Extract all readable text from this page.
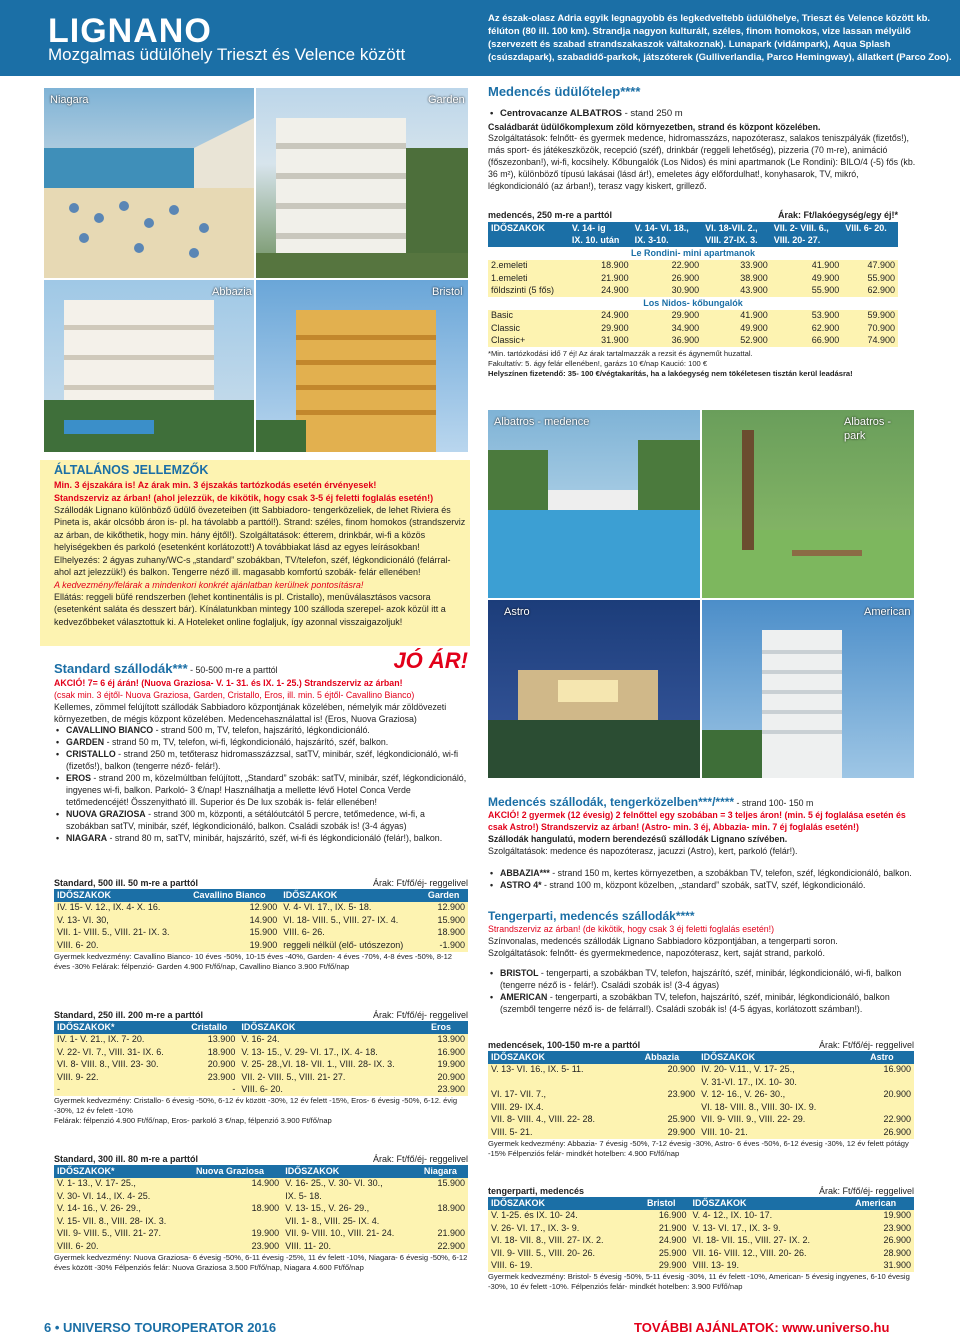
LIGNANO
Mozgalmas üdülőhely Trieszt és Velence között
Az észak-olasz Adria egyik legnagyobb és legkedveltebb üdülőhelye, Trieszt és Velence között kb. félúton (80 ill. 100 km). Strandja nagyon kulturált, széles, finom homokos, vize lassan mélyülő (szervezett és szabad strandszakaszok váltakoznak). Lunapark (vidámpark), Aqua Splash (csúszdapark), szabadidő-parkok, játszóterek (Gulliverlandia, Parco Hemingway), állatkert (Parco Zoo).
Niagara	Garden
Abbazia	Bristol
Medencés üdülőtelep****
• Centrovacanze ALBATROS - stand 250 m
Családbarát üdülőkomplexum zöld környezetben, strand és központ közelében.
Szolgáltatások: felnőtt- és gyermek medence, hidromasszázs, napozóterasz, salakos teniszpályák (fizetős!), más sport- és játékeszközök, recepció (széf), drinkbár (reggeli lehetőség), pizzeria (70 m-re), animáció (főszezonban!), wi-fi, kocsihely. Kőbungalók (Los Nidos) és mini apartmanok (Le Rondini): BILO/4 (-5) fős (kb. 36 m²), különböző típusú lakásai (lásd ár!), emeletes ágy előfordulhat!, konyhasarok, TV, mikró, légkondicionáló (az árban!), terasz vagy kiskert, grillező.
medencés, 250 m-re a parttól	Árak: Ft/lakóegység/egy éj!*
IDŐSZAKOK	V. 14- ig	V. 14- VI. 18.,	VI. 18-VII. 2.,	VII. 2- VIII. 6.,	VIII. 6- 20.
	IX. 10. után	IX. 3-10.	VIII. 27-IX. 3.	VIII. 20- 27.	
Le Rondini- mini apartmanok					
2.emeleti	18.900	22.900	33.900	41.900	47.900
1.emeleti	21.900	26.900	38.900	49.900	55.900
földszinti (5 fős)	24.900	30.900	43.900	55.900	62.900
Los Nidos- kőbungalók					
Basic	24.900	29.900	41.900	53.900	59.900
Classic	29.900	34.900	49.900	62.900	70.900
Classic+	31.900	36.900	52.900	66.900	74.900
*Min. tartózkodási idő 7 éj! Az árak tartalmazzák a rezsit és ágyneműt huzattal.
Fakultatív: 5. ágy felár ellenében!, garázs 10 €/nap Kaució: 100 €
Helyszínen fizetendő: 35- 100 €/végtakarítás, ha a lakóegység nem tökéletesen tisztán kerül leadásra!
Albatros - medence	Albatros - park
ÁLTALÁNOS JELLEMZŐK
Min. 3 éjszakára is! Az árak min. 3 éjszakás tartózkodás esetén érvényesek!
Standszerviz az árban! (ahol jelezzük, de kikötik, hogy csak 3-5 éj feletti foglalás esetén!)
Szállodák Lignano különböző üdülő övezeteiben (itt Sabbiadoro- tengerközeliek, de lehet Riviera és Pineta is, akár olcsóbb áron is- pl. ha távolabb a parttól!). Strand: széles, finom homokos (strandszerviz az árban, de kikőthetik, hogy min. hány éjtől!). Szolgáltatások: étterem, drinkbár, wi-fi a közös helyiségekben és parkoló (esetenként korlátozott!) A továbbiakat lásd az egyes leírásokban! Elhelyezés: 2 ágyas zuhany/WC-s „standard” szobákban, TV/telefon, széf, légkondicionáló (felárral- ahol azt jelezzük!) és balkon. Tengerre néző ill. magasabb komfortú szobák- felár ellenében!
A kedvezmény/felárak a mindenkori konkrét ajánlatban kerülnek pontosításra!
Ellátás: reggeli büfé rendszerben (lehet kontinentális is pl. Cristallo), menüválasztásos vacsora (esetenként saláta és desszert bár). Kínálatunkban mintegy 100 szálloda szerepel- azok közül itt a kedvezőbbeket választottuk ki. A Hoteleket online foglaljuk, így azonnal visszaigazoljuk!
Standard szállodák*** - 50-500 m-re a parttól	JÓ ÁR!
AKCIÓ! 7= 6 éj árán! (Nuova Graziosa- V. 1- 31. és IX. 1- 25.) Strandszerviz az árban!
(csak min. 3 éjtől- Nuova Graziosa, Garden, Cristallo, Eros, ill. min. 5 éjtől- Cavallino Bianco)
Kellemes, zömmel felújított szállodák Sabbiadoro központjának közelében, némelyik már zöldövezeti környezetben, de mégis központ közelében. Medencehasználattal is! (Eros, Nuova Graziosa)
• CAVALLINO BIANCO - strand 500 m, TV, telefon, hajszárító, légkondicionáló.
• GARDEN - strand 50 m, TV, telefon, wi-fi, légkondicionáló, hajszárító, széf, balkon.
• CRISTALLO - strand 250 m, tetőterasz hidromasszázzsal, satTV, minibár, széf, légkondicionáló, wi-fi (fizetős!), balkon (tengerre néző- felár!).
• EROS - strand 200 m, közelmúltban felújított, „Standard” szobák: satTV, minibár, széf, légkondicionáló, ingyenes wi-fi, balkon. Parkoló- 3 €/nap! Használhatja a mellette lévő Hotel Conca Verde tetőmedencéjét! Összenyitható ill. Superior és De lux szobák is- felár ellenében!
• NUOVA GRAZIOSA - strand 300 m, központi, a sétálóutcától 5 percre, tetőmedence, wi-fi, a szobákban satTV, minibár, széf, légkondicionáló, balkon. Családi szobák is! (3-4 ágyas)
• NIAGARA - strand 80 m, satTV, minibár, hajszárító, széf, wi-fi és légkondicionáló (felár!), balkon.
Standard, 500 ill. 50 m-re a parttól	Árak: Ft/fő/éj- reggelivel
IDŐSZAKOK	Cavallino Bianco	IDŐSZAKOK	Garden
IV. 15- V. 12., IX. 4- X. 16.	12.900	V. 4- VI. 17., IX. 5- 18.	12.900
V. 13- VI. 30,	14.900	VI. 18- VIII. 5., VIII. 27- IX. 4.	15.900
VII. 1- VIII. 5., VIII. 21- IX. 3.	15.900	VIII. 6- 26.	18.900
VIII. 6- 20.	19.900	reggeli nélkül (elő- utószezon)	-1.900
Gyermek kedvezmény: Cavallino Bianco- 10 éves -50%, 10-15 éves -40%, Garden- 4 éves -70%, 4-8 éves -50%, 8-12 éves -30% Felárak: félpenzió- Garden 4.900 Ft/fő/nap, Cavallino Bianco 3.900 Ft/fő/nap
Standard, 250 ill. 200 m-re a parttól	Árak: Ft/fő/éj- reggelivel
IDŐSZAKOK*	Cristallo	IDŐSZAKOK	Eros
IV. 1- V. 21., IX. 7- 20.	13.900	V. 16- 24.	13.900
V. 22- VI. 7., VIII. 31- IX. 6.	18.900	V. 13- 15., V. 29- VI. 17., IX. 4- 18.	16.900
VI. 8- VIII. 8., VIII. 23- 30.	20.900	V. 25- 28.,VI. 18- VII. 1., VIII. 28- IX. 3.	19.900
VIII. 9- 22.	23.900	VII. 2- VIII. 5., VIII. 21- 27.	20.900
-	-	VIII. 6- 20.	23.900
Gyermek kedvezmény: Cristallo- 6 évesig -50%, 6-12 év között -30%, 12 év felett -15%, Eros- 6 évesig -50%, 6-12. évig -30%, 12 év felett -10%
Felárak: félpenzió 4.900 Ft/fő/nap, Eros- parkoló 3 €/nap, félpenzió 3.900 Ft/fő/nap
Standard, 300 ill. 80 m-re a parttól	Árak: Ft/fő/éj- reggelivel
IDŐSZAKOK*	Nuova Graziosa	IDŐSZAKOK	Niagara
V. 1- 13., V. 17- 25.,	14.900	V. 16- 25., V. 30- VI. 30.,	15.900
V. 30- VI. 14., IX. 4- 25.		IX. 5- 18.	
V. 14- 16., V. 26- 29.,	18.900	V. 13- 15., V. 26- 29.,	18.900
V. 15- VII. 8., VIII. 28- IX. 3.		VII. 1- 8., VIII. 25- IX. 4.	
VII. 9- VIII. 5., VIII. 21- 27.	19.900	VII. 9- VIII. 10., VIII. 21- 24.	21.900
VIII. 6- 20.	23.900	VIII. 11- 20.	22.900
Gyermek kedvezmény: Nuova Graziosa- 6 évesig -50%, 6-11 évesig -25%, 11 év felett -10%, Niagara- 6 évesig -50%, 6-12 éves között -30% Félpenziós felár: Nuova Graziosa 3.500 Ft/fő/nap, Niagara 4.600 Ft/fő/nap
Astro	American
Medencés szállodák, tengerközelben***/**** - strand 100- 150 m
AKCIÓ! 2 gyermek (12 évesig) 2 felnőttel egy szobában = 3 teljes áron! (min. 5 éj foglalása esetén és csak Astro!) Strandszerviz az árban! (Astro- min. 3 éj, Abbazia- min. 7 éj foglalás esetén!)
Szállodák hangulatú, modern berendezésű szállodák Lignano szívében.
Szolgáltatások: medence és napozóterasz, jacuzzi (Astro), kert, parkoló (felár!).
• ABBAZIA*** - strand 150 m, kertes környezetben, a szobákban TV, telefon, széf, légkondicionáló, balkon.
• ASTRO 4* - strand 100 m, központ közelben, „standard” szobák, satTV, széf, légkondicionáló.
Tengerparti, medencés szállodák****
Strandszerviz az árban! (de kikötik, hogy csak 3 éj feletti foglalás esetén!)
Színvonalas, medencés szállodák Lignano Sabbiadoro központjában, a tengerparti soron.
Szolgáltatások: felnőtt- és gyermekmedence, napozóterasz, kert, saját strand, parkoló.
• BRISTOL - tengerparti, a szobákban TV, telefon, hajszárító, széf, minibár, légkondicionáló, wi-fi, balkon (tengerre néző is - felár!). Családi szobák is! (3-4 ágyas)
• AMERICAN - tengerparti, a szobákban TV, telefon, hajszárító, széf, minibár, légkondicionáló, balkon (szemből tengerre néző is- de felárral!). Családi szobák is! (4-5 ágyas, korlátozott számban!).
medencések, 100-150 m-re a parttól	Árak: Ft/fő/éj- reggelivel
IDŐSZAKOK	Abbazia	IDŐSZAKOK	Astro
V. 13- VI. 16., IX. 5- 11.	20.900	IV. 20- V.11., V. 17- 25.,	16.900
		V. 31-VI. 17., IX. 10- 30.	
VI. 17- VII. 7.,	23.900	V. 12- 16., V. 26- 30.,	20.900
VIII. 29- IX.4.		VI. 18- VIII. 8., VIII. 30- IX. 9.	
VII. 8- VIII. 4., VIII. 22- 28.	25.900	VII. 9- VIII. 9., VIII. 22- 29.	22.900
VIII. 5- 21.	29.900	VIII. 10- 21.	26.900
Gyermek kedvezmény: Abbazia- 7 évesig -50%, 7-12 évesig -30%, Astro- 6 éves -50%, 6-12 évesig -30%, 12 év felett pótágy -15% Félpenziós felár- mindkét hotelben: 4.900 Ft/fő/nap
tengerparti, medencés	Árak: Ft/fő/éj- reggelivel
IDŐSZAKOK	Bristol	IDŐSZAKOK	American
V. 1-25. és IX. 10- 24.	16.900	V. 4- 12., IX. 10- 17.	19.900
V. 26- VI. 17., IX. 3- 9.	21.900	V. 13- VI. 17., IX. 3- 9.	23.900
VI. 18- VII. 8., VIII. 27- IX. 2.	24.900	VI. 18- VII. 15., VIII. 27- IX. 2.	26.900
VII. 9- VIII. 5., VIII. 20- 26.	25.900	VII. 16- VIII. 12., VIII. 20- 26.	28.900
VIII. 6- 19.	29.900	VIII. 13- 19.	31.900
Gyermek kedvezmény: Bristol- 5 évesig -50%, 5-11 évesig -30%, 11 év felett -10%, American- 5 évesig ingyenes, 6-10 évesig -30%, 10 év felett -10%. Félpenziós felár- mindkét hotelben: 3.900 Ft/fő/nap
6 • UNIVERSO TOUROPERATOR 2016	TOVÁBBI AJÁNLATOK: www.universo.hu
